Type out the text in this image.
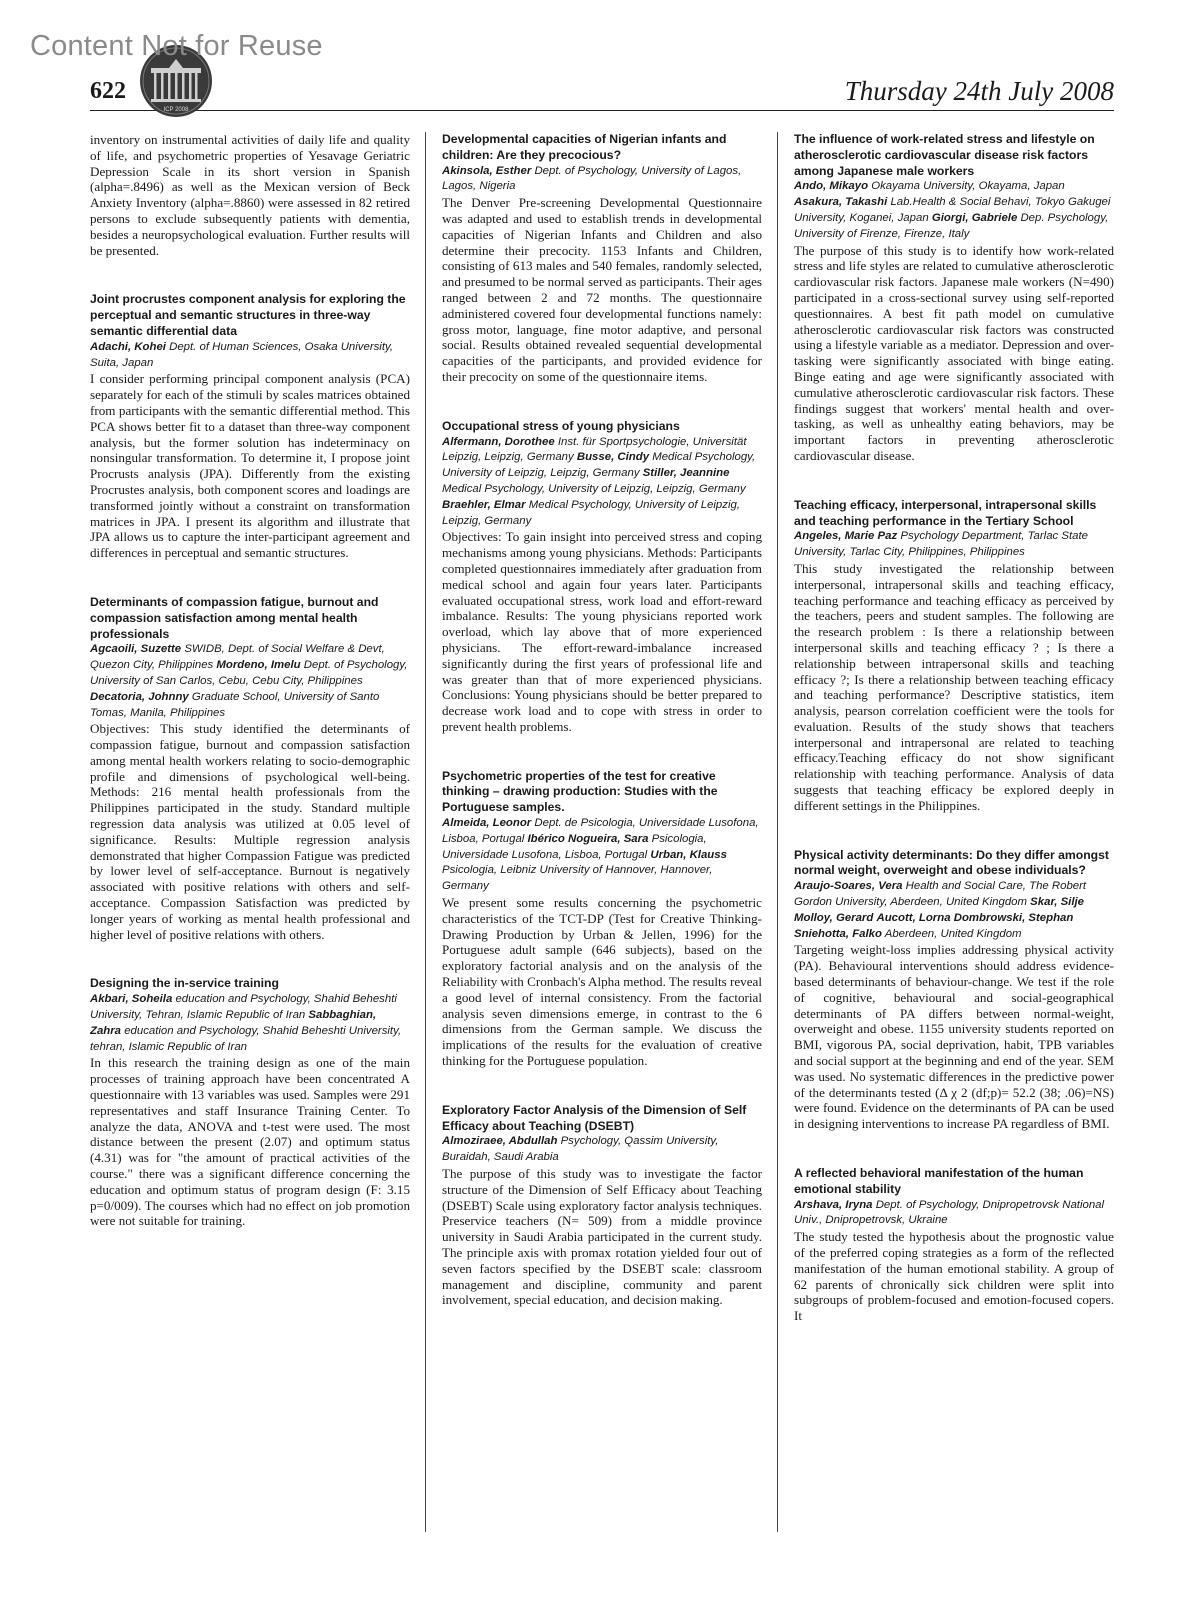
Content Not for Reuse
ICP 2008
622	Thursday 24th July 2008

inventory on instrumental activities of daily life and quality of life, and psychometric properties of Yesavage Geriatric Depression Scale in its short version in Spanish (alpha=.8496) as well as the Mexican version of Beck Anxiety Inventory (alpha=.8860) were assessed in 82 retired persons to exclude subsequently patients with dementia, besides a neuropsychological evaluation. Further results will be presented.

Joint procrustes component analysis for exploring the perceptual and semantic structures in three-way semantic differential data
Adachi, Kohei Dept. of Human Sciences, Osaka University, Suita, Japan

I consider performing principal component analysis (PCA) separately for each of the stimuli by scales matrices obtained from participants with the semantic differential method. This PCA shows better fit to a dataset than three-way component analysis, but the former solution has indeterminacy on nonsingular transformation. To determine it, I propose joint Procrusts analysis (JPA). Differently from the existing Procrustes analysis, both component scores and loadings are transformed jointly without a constraint on transformation matrices in JPA. I present its algorithm and illustrate that JPA allows us to capture the inter-participant agreement and differences in perceptual and semantic structures.

Determinants of compassion fatigue, burnout and compassion satisfaction among mental health professionals
Agcaoili, Suzette SWIDB, Dept. of Social Welfare & Devt, Quezon City, Philippines Mordeno, Imelu Dept. of Psychology, University of San Carlos, Cebu, Cebu City, Philippines Decatoria, Johnny Graduate School, University of Santo Tomas, Manila, Philippines

Objectives: This study identified the determinants of compassion fatigue, burnout and compassion satisfaction among mental health workers relating to socio-demographic profile and dimensions of psychological well-being. Methods: 216 mental health professionals from the Philippines participated in the study. Standard multiple regression data analysis was utilized at 0.05 level of significance. Results: Multiple regression analysis demonstrated that higher Compassion Fatigue was predicted by lower level of self-acceptance. Burnout is negatively associated with positive relations with others and self-acceptance. Compassion Satisfaction was predicted by longer years of working as mental health professional and higher level of positive relations with others.

Designing the in-service training
Akbari, Soheila education and Psychology, Shahid Beheshti University, Tehran, Islamic Republic of Iran Sabbaghian, Zahra education and Psychology, Shahid Beheshti University, tehran, Islamic Republic of Iran

In this research the training design as one of the main processes of training approach have been concentrated A questionnaire with 13 variables was used. Samples were 291 representatives and staff Insurance Training Center. To analyze the data, ANOVA and t-test were used. The most distance between the present (2.07) and optimum status (4.31) was for "the amount of practical activities of the course." there was a significant difference concerning the education and optimum status of program design (F: 3.15 p=0/009). The courses which had no effect on job promotion were not suitable for training.

Developmental capacities of Nigerian infants and children: Are they precocious?
Akinsola, Esther Dept. of Psychology, University of Lagos, Lagos, Nigeria

The Denver Pre-screening Developmental Questionnaire was adapted and used to establish trends in developmental capacities of Nigerian Infants and Children and also determine their precocity. 1153 Infants and Children, consisting of 613 males and 540 females, randomly selected, and presumed to be normal served as participants. Their ages ranged between 2 and 72 months. The questionnaire administered covered four developmental functions namely: gross motor, language, fine motor adaptive, and personal social. Results obtained revealed sequential developmental capacities of the participants, and provided evidence for their precocity on some of the questionnaire items.

Occupational stress of young physicians
Alfermann, Dorothee Inst. für Sportpsychologie, Universität Leipzig, Leipzig, Germany Busse, Cindy Medical Psychology, University of Leipzig, Leipzig, Germany Stiller, Jeannine Medical Psychology, University of Leipzig, Leipzig, Germany Braehler, Elmar Medical Psychology, University of Leipzig, Leipzig, Germany

Objectives: To gain insight into perceived stress and coping mechanisms among young physicians. Methods: Participants completed questionnaires immediately after graduation from medical school and again four years later. Participants evaluated occupational stress, work load and effort-reward imbalance. Results: The young physicians reported work overload, which lay above that of more experienced physicians. The effort-reward-imbalance increased significantly during the first years of professional life and was greater than that of more experienced physicians. Conclusions: Young physicians should be better prepared to decrease work load and to cope with stress in order to prevent health problems.

Psychometric properties of the test for creative thinking – drawing production: Studies with the Portuguese samples.
Almeida, Leonor Dept. de Psicologia, Universidade Lusofona, Lisboa, Portugal Ibérico Nogueira, Sara Psicologia, Universidade Lusofona, Lisboa, Portugal Urban, Klauss Psicologia, Leibniz University of Hannover, Hannover, Germany

We present some results concerning the psychometric characteristics of the TCT-DP (Test for Creative Thinking- Drawing Production by Urban & Jellen, 1996) for the Portuguese adult sample (646 subjects), based on the exploratory factorial analysis and on the analysis of the Reliability with Cronbach's Alpha method. The results reveal a good level of internal consistency. From the factorial analysis seven dimensions emerge, in contrast to the 6 dimensions from the German sample. We discuss the implications of the results for the evaluation of creative thinking for the Portuguese population.

Exploratory Factor Analysis of the Dimension of Self Efficacy about Teaching (DSEBT)
Almoziraee, Abdullah Psychology, Qassim University, Buraidah, Saudi Arabia

The purpose of this study was to investigate the factor structure of the Dimension of Self Efficacy about Teaching (DSEBT) Scale using exploratory factor analysis techniques. Preservice teachers (N= 509) from a middle province university in Saudi Arabia participated in the current study. The principle axis with promax rotation yielded four out of seven factors specified by the DSEBT scale: classroom management and discipline, community and parent involvement, special education, and decision making.

The influence of work-related stress and lifestyle on atherosclerotic cardiovascular disease risk factors among Japanese male workers
Ando, Mikayo Okayama University, Okayama, Japan Asakura, Takashi Lab.Health & Social Behavi, Tokyo Gakugei University, Koganei, Japan Giorgi, Gabriele Dep. Psychology, University of Firenze, Firenze, Italy

The purpose of this study is to identify how work-related stress and life styles are related to cumulative atherosclerotic cardiovascular risk factors. Japanese male workers (N=490) participated in a cross-sectional survey using self-reported questionnaires. A best fit path model on cumulative atherosclerotic cardiovascular risk factors was constructed using a lifestyle variable as a mediator. Depression and over-tasking were significantly associated with binge eating. Binge eating and age were significantly associated with cumulative atherosclerotic cardiovascular risk factors. These findings suggest that workers' mental health and over-tasking, as well as unhealthy eating behaviors, may be important factors in preventing atherosclerotic cardiovascular disease.

Teaching efficacy, interpersonal, intrapersonal skills and teaching performance in the Tertiary School
Angeles, Marie Paz Psychology Department, Tarlac State University, Tarlac City, Philippines, Philippines

This study investigated the relationship between interpersonal, intrapersonal skills and teaching efficacy, teaching performance and teaching efficacy as perceived by the teachers, peers and student samples. The following are the research problem : Is there a relationship between interpersonal skills and teaching efficacy ? ; Is there a relationship between intrapersonal skills and teaching efficacy ?; Is there a relationship between teaching efficacy and teaching performance? Descriptive statistics, item analysis, pearson correlation coefficient were the tools for evaluation. Results of the study shows that teachers interpersonal and intrapersonal are related to teaching efficacy.Teaching efficacy do not show significant relationship with teaching performance. Analysis of data suggests that teaching efficacy be explored deeply in different settings in the Philippines.

Physical activity determinants: Do they differ amongst normal weight, overweight and obese individuals?
Araujo-Soares, Vera Health and Social Care, The Robert Gordon University, Aberdeen, United Kingdom Skar, Silje Molloy, Gerard Aucott, Lorna Dombrowski, Stephan Sniehotta, Falko Aberdeen, United Kingdom

Targeting weight-loss implies addressing physical activity (PA). Behavioural interventions should address evidence-based determinants of behaviour-change. We test if the role of cognitive, behavioural and social-geographical determinants of PA differs between normal-weight, overweight and obese. 1155 university students reported on BMI, vigorous PA, social deprivation, habit, TPB variables and social support at the beginning and end of the year. SEM was used. No systematic differences in the predictive power of the determinants tested (Δ χ 2 (df;p)= 52.2 (38; .06)=NS) were found. Evidence on the determinants of PA can be used in designing interventions to increase PA regardless of BMI.

A reflected behavioral manifestation of the human emotional stability
Arshava, Iryna Dept. of Psychology, Dnipropetrovsk National Univ., Dnipropetrovsk, Ukraine

The study tested the hypothesis about the prognostic value of the preferred coping strategies as a form of the reflected manifestation of the human emotional stability. A group of 62 parents of chronically sick children were split into subgroups of problem-focused and emotion-focused copers. It
